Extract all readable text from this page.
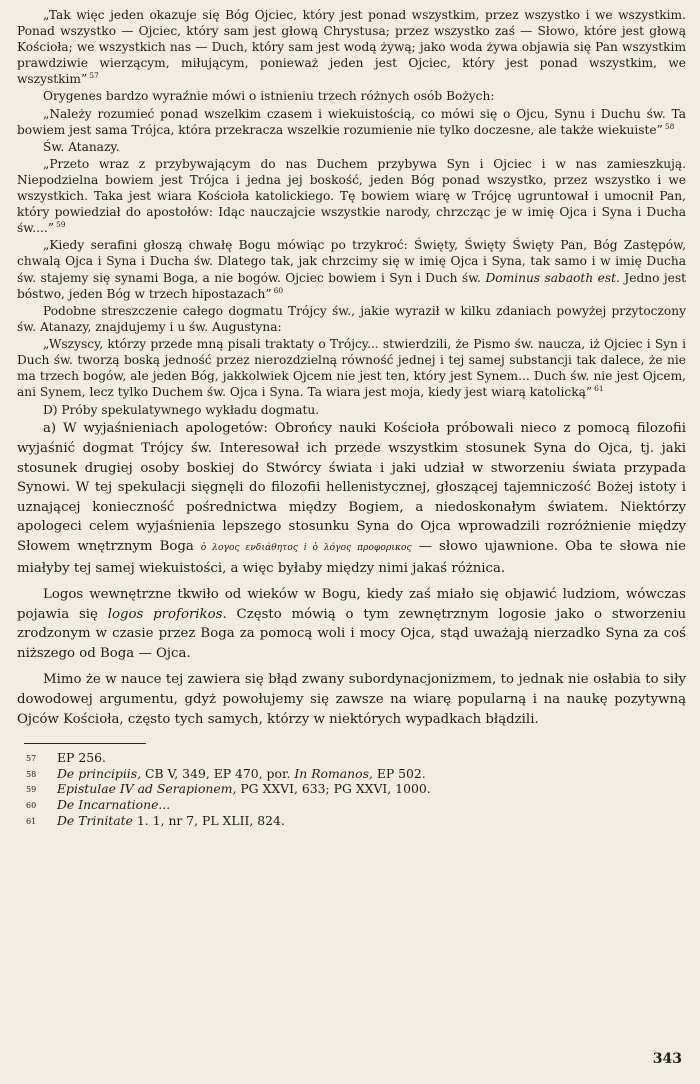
„Tak więc jeden okazuje się Bóg Ojciec, który jest ponad wszystkim, przez wszystko i we wszystkim. Ponad wszystko — Ojciec, który sam jest głową Chrystusa; przez wszystko zaś — Słowo, które jest głową Kościoła; we wszystkich nas — Duch, który sam jest wodą żywą; jako woda żywa objawia się Pan wszystkim prawdziwie wierzącym, miłującym, ponieważ jeden jest Ojciec, który jest ponad wszystkim, we wszystkim” $^{57}$

Orygenes bardzo wyraźnie mówi o istnieniu trzech różnych osób Bożych:

„Należy rozumieć ponad wszelkim czasem i wiekuistością, co mówi się o Ojcu, Synu i Duchu św. Ta bowiem jest sama Trójca, która przekracza wszelkie rozumienie nie tylko doczesne, ale także wiekuiste” $^{58}$

Św. Atanazy.

„Przeto wraz z przybywającym do nas Duchem przybywa Syn i Ojciec i w nas zamieszkują. Niepodzielna bowiem jest Trójca i jedna jej boskość, jeden Bóg ponad wszystko, przez wszystko i we wszystkich. Taka jest wiara Kościoła katolickiego. Tę bowiem wiarę w Trójcę ugruntował i umocnił Pan, który powiedział do apostołów: Idąc nauczajcie wszystkie narody, chrzcząc je w imię Ojca i Syna i Ducha św....” $^{59}$

„Kiedy serafini głoszą chwałę Bogu mówiąc po trzykroć: Święty, Święty Święty Pan, Bóg Zastępów, chwalą Ojca i Syna i Ducha św. Dlatego tak, jak chrzcimy się w imię Ojca i Syna, tak samo i w imię Ducha św. stajemy się synami Boga, a nie bogów. Ojciec bowiem i Syn i Duch św. Dominus sabaoth est. Jedno jest bóstwo, jeden Bóg w trzech hipostazach” $^{60}$

Podobne streszczenie całego dogmatu Trójcy św., jakie wyraził w kilku zdaniach powyżej przytoczony św. Atanazy, znajdujemy i u św. Augustyna:

„Wszyscy, którzy przede mną pisali traktaty o Trójcy... stwierdzili, że Pismo św. naucza, iż Ojciec i Syn i Duch św. tworzą boską jedność przez nierozdzielną równość jednej i tej samej substancji tak dalece, że nie ma trzech bogów, ale jeden Bóg, jakkolwiek Ojcem nie jest ten, który jest Synem... Duch św. nie jest Ojcem, ani Synem, lecz tylko Duchem św. Ojca i Syna. Ta wiara jest moja, kiedy jest wiarą katolicką” $^{61}$

D) Próby spekulatywnego wykładu dogmatu.

a) W wyjaśnieniach apologetów: Obrońcy nauki Kościoła próbowali nieco z pomocą filozofii wyjaśnić dogmat Trójcy św. Interesował ich przede wszystkim stosunek Syna do Ojca, tj. jaki stosunek drugiej osoby boskiej do Stwórcy świata i jaki udział w stworzeniu świata przypada Synowi. W tej spekulacji sięgnęli do filozofii hellenistycznej, głoszącej tajemniczość Bożej istoty i uznającej konieczność pośrednictwa między Bogiem, a niedoskonałym światem. Niektórzy apologeci celem wyjaśnienia lepszego stosunku Syna do Ojca wprowadzili rozróżnienie między Słowem wnętrznym Boga ὁ λογος ενδιάθητος i ὁ λόγος προφορικος — słowo ujawnione. Oba te słowa nie miałyby tej samej wiekuistości, a więc byłaby między nimi jakaś różnica.

Logos wewnętrzne tkwiło od wieków w Bogu, kiedy zaś miało się objawić ludziom, wówczas pojawia się logos proforikos. Często mówią o tym zewnętrznym logosie jako o stworzeniu zrodzonym w czasie przez Boga za pomocą woli i mocy Ojca, stąd uważają nierzadko Syna za coś niższego od Boga — Ojca.

Mimo że w nauce tej zawiera się błąd zwany subordynacjonizmem, to jednak nie osłabia to siły dowodowej argumentu, gdyż powołujemy się zawsze na wiarę popularną i na naukę pozytywną Ojców Kościoła, często tych samych, którzy w niektórych wypadkach błądzili.

57 EP 256.
58 De principiis, CB V, 349, EP 470, por. In Romanos, EP 502.
59 Epistulae IV ad Serapionem, PG XXVI, 633; PG XXVI, 1000.
60 De Incarnatione...
61 De Trinitate 1. 1, nr 7, PL XLII, 824.
343
